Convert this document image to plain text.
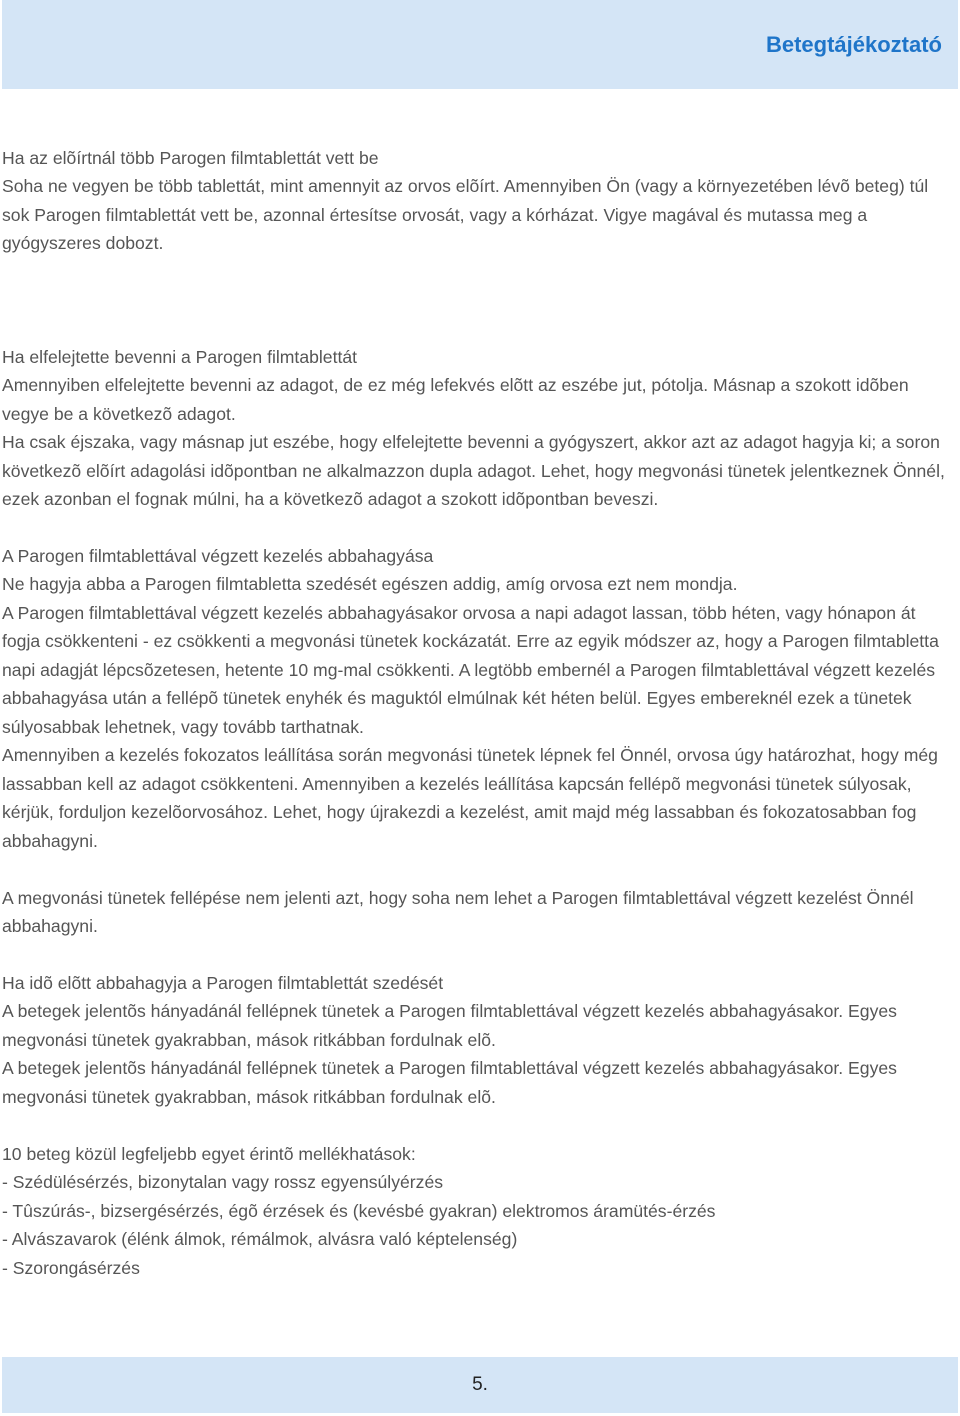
Betegtájékoztató

Ha az elõírtnál több Parogen filmtablettát vett be

Soha ne vegyen be több tablettát, mint amennyit az orvos elõírt. Amennyiben Ön (vagy a környezetében lévõ beteg) túl sok Parogen filmtablettát vett be, azonnal értesítse orvosát, vagy a kórházat. Vigye magával és mutassa meg a gyógyszeres dobozt.

Ha elfelejtette bevenni a Parogen filmtablettát

Amennyiben elfelejtette bevenni az adagot, de ez még lefekvés elõtt az eszébe jut, pótolja. Másnap a szokott idõben vegye be a következõ adagot.

Ha csak éjszaka, vagy másnap jut eszébe, hogy elfelejtette bevenni a gyógyszert, akkor azt az adagot hagyja ki; a soron következõ elõírt adagolási idõpontban ne alkalmazzon dupla adagot. Lehet, hogy megvonási tünetek jelentkeznek Önnél, ezek azonban el fognak múlni, ha a következõ adagot a szokott idõpontban beveszi.

A Parogen filmtablettával végzett kezelés abbahagyása

Ne hagyja abba a Parogen filmtabletta szedését egészen addig, amíg orvosa ezt nem mondja.

A Parogen filmtablettával végzett kezelés abbahagyásakor orvosa a napi adagot lassan, több héten, vagy hónapon át fogja csökkenteni - ez csökkenti a megvonási tünetek kockázatát. Erre az egyik módszer az, hogy a Parogen filmtabletta napi adagját lépcsõzetesen, hetente 10 mg-mal csökkenti. A legtöbb embernél a Parogen filmtablettával végzett kezelés abbahagyása után a fellépõ tünetek enyhék és maguktól elmúlnak két héten belül. Egyes embereknél ezek a tünetek súlyosabbak lehetnek, vagy tovább tarthatnak.

Amennyiben a kezelés fokozatos leállítása során megvonási tünetek lépnek fel Önnél, orvosa úgy határozhat, hogy még lassabban kell az adagot csökkenteni. Amennyiben a kezelés leállítása kapcsán fellépõ megvonási tünetek súlyosak, kérjük, forduljon kezelõorvosához. Lehet, hogy újrakezdi a kezelést, amit majd még lassabban és fokozatosabban fog abbahagyni.

A megvonási tünetek fellépése nem jelenti azt, hogy soha nem lehet a Parogen filmtablettával végzett kezelést Önnél abbahagyni.

Ha idõ elõtt abbahagyja a Parogen filmtablettát szedését

A betegek jelentõs hányadánál fellépnek tünetek a Parogen filmtablettával végzett kezelés abbahagyásakor. Egyes megvonási tünetek gyakrabban, mások ritkábban fordulnak elõ.

A betegek jelentõs hányadánál fellépnek tünetek a Parogen filmtablettával végzett kezelés abbahagyásakor. Egyes megvonási tünetek gyakrabban, mások ritkábban fordulnak elõ.

10 beteg közül legfeljebb egyet érintõ mellékhatások:

- Szédülésérzés, bizonytalan vagy rossz egyensúlyérzés

- Tûszúrás-, bizsergésérzés, égõ érzések és (kevésbé gyakran) elektromos áramütés-érzés

- Alvászavarok (élénk álmok, rémálmok, alvásra való képtelenség)

- Szorongásérzés

5.
